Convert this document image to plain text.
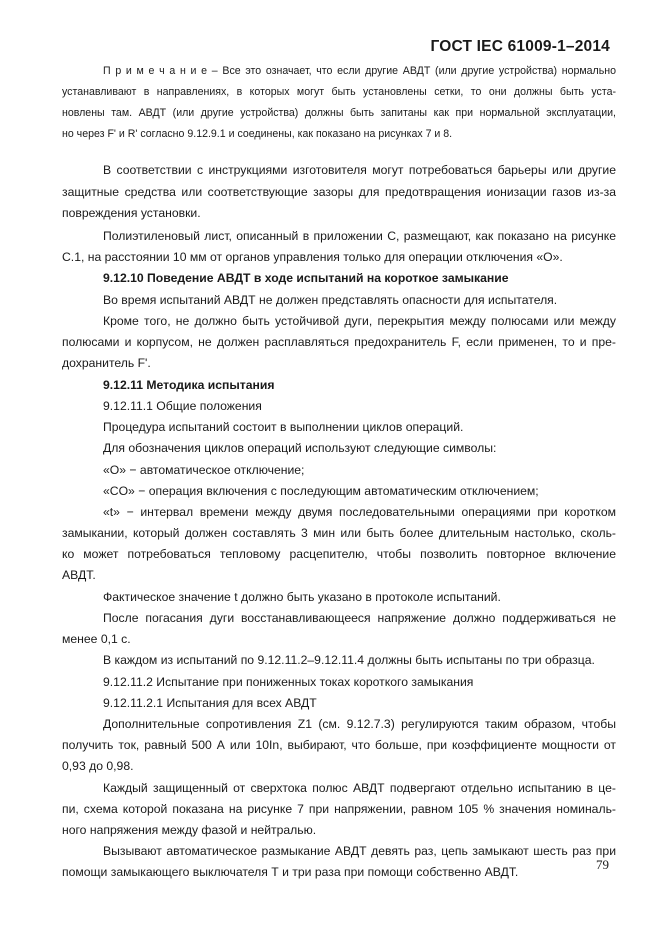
ГОСТ IEC 61009-1–2014
П р и м е ч а н и е – Все это означает, что если другие АВДТ (или другие устройства) нормально
устанавливают в направлениях, в которых могут быть установлены сетки, то они должны быть уста-
новлены там. АВДТ (или другие устройства) должны быть запитаны как при нормальной эксплуатации,
но через F' и R' согласно 9.12.9.1 и соединены, как показано на рисунках 7 и 8.
В соответствии с инструкциями изготовителя могут потребоваться барьеры или другие
защитные средства или соответствующие зазоры для предотвращения ионизации газов из-за
повреждения установки.
Полиэтиленовый лист, описанный в приложении С, размещают, как показано на рисунке
С.1, на расстоянии 10 мм от органов управления только для операции отключения «О».
9.12.10 Поведение АВДТ в ходе испытаний на короткое замыкание
Во время испытаний АВДТ не должен представлять опасности для испытателя.
Кроме того, не должно быть устойчивой дуги, перекрытия между полюсами или между
полюсами и корпусом, не должен расплавляться предохранитель F, если применен, то и пре-
дохранитель F'.
9.12.11 Методика испытания
9.12.11.1 Общие положения
Процедура испытаний состоит в выполнении циклов операций.
Для обозначения циклов операций используют следующие символы:
«O» − автоматическое отключение;
«CO» − операция включения с последующим автоматическим отключением;
«t» − интервал времени между двумя последовательными операциями при коротком
замыкании, который должен составлять 3 мин или быть более длительным настолько, сколь-
ко может потребоваться тепловому расцепителю, чтобы позволить повторное включение
АВДТ.
Фактическое значение t должно быть указано в протоколе испытаний.
После погасания дуги восстанавливающееся напряжение должно поддерживаться не
менее 0,1 с.
В каждом из испытаний по 9.12.11.2–9.12.11.4 должны быть испытаны по три образца.
9.12.11.2 Испытание при пониженных токах короткого замыкания
9.12.11.2.1 Испытания для всех АВДТ
Дополнительные сопротивления Z1 (см. 9.12.7.3) регулируются таким образом, чтобы
получить ток, равный 500 А или 10In, выбирают, что больше, при коэффициенте мощности от
0,93 до 0,98.
Каждый защищенный от сверхтока полюс АВДТ подвергают отдельно испытанию в це-
пи, схема которой показана на рисунке 7 при напряжении, равном 105 % значения номиналь-
ного напряжения между фазой и нейтралью.
Вызывают автоматическое размыкание АВДТ девять раз, цепь замыкают шесть раз при
помощи замыкающего выключателя Т и три раза при помощи собственно АВДТ.	79
